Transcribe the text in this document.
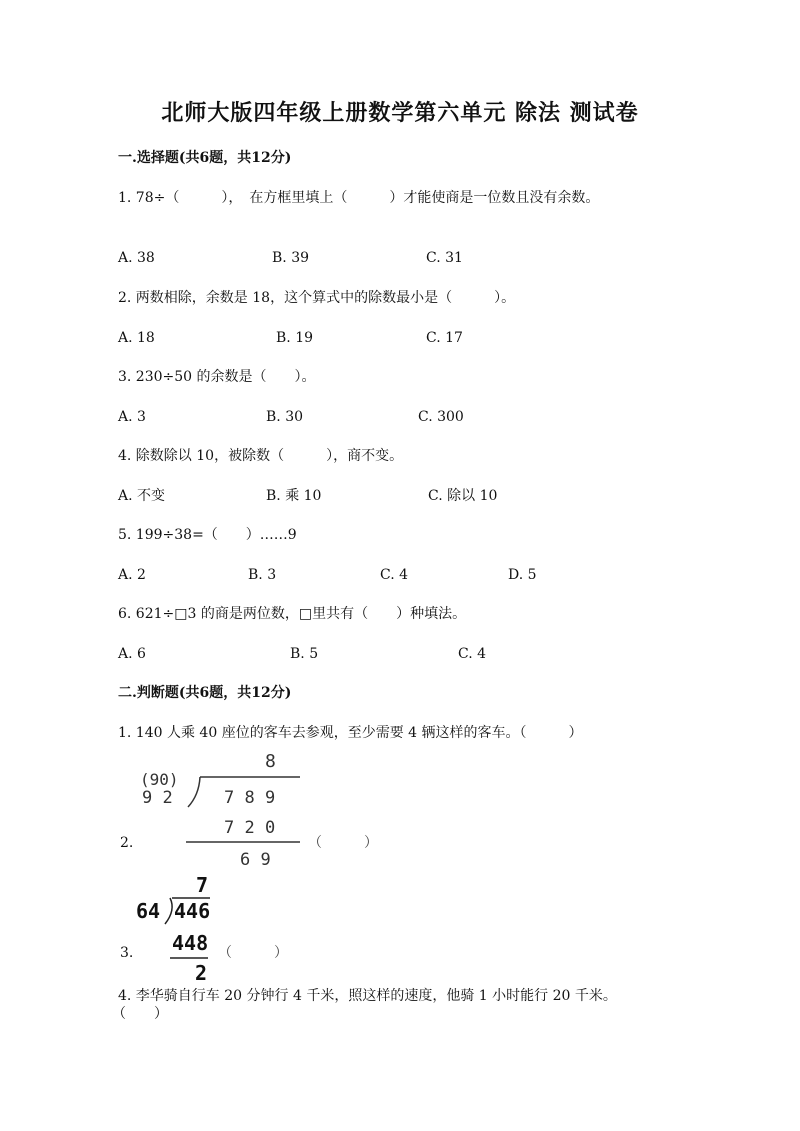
北师大版四年级上册数学第六单元 除法 测试卷
一.选择题(共6题，共12分)
1. 78÷（　　　），　在方框里填上（　　　）才能使商是一位数且没有余数。
A. 38	B. 39	C. 31
2. 两数相除，余数是 18，这个算式中的除数最小是（　　　）。
A. 18	B. 19	C. 17
3. 230÷50 的余数是（　　）。
A. 3	B. 30	C. 300
4. 除数除以 10，被除数（　　　），商不变。
A. 不变	B. 乘 10	C. 除以 10
5. 199÷38=（　　）……9
A. 2	B. 3	C. 4	D. 5
6. 621÷□3 的商是两位数，□里共有（　　）种填法。
A. 6	B. 5	C. 4
二.判断题(共6题，共12分)
1. 140 人乘 40 座位的客车去参观，至少需要 4 辆这样的客车。（　　　）
2.
8
(90)
9 2	7 8 9
7 2 0
6 9
（　　　）
3.
7
64 446
448
2
（　　　）
4. 李华骑自行车 20 分钟行 4 千米，照这样的速度，他骑 1 小时能行 20 千米。
（　　）
